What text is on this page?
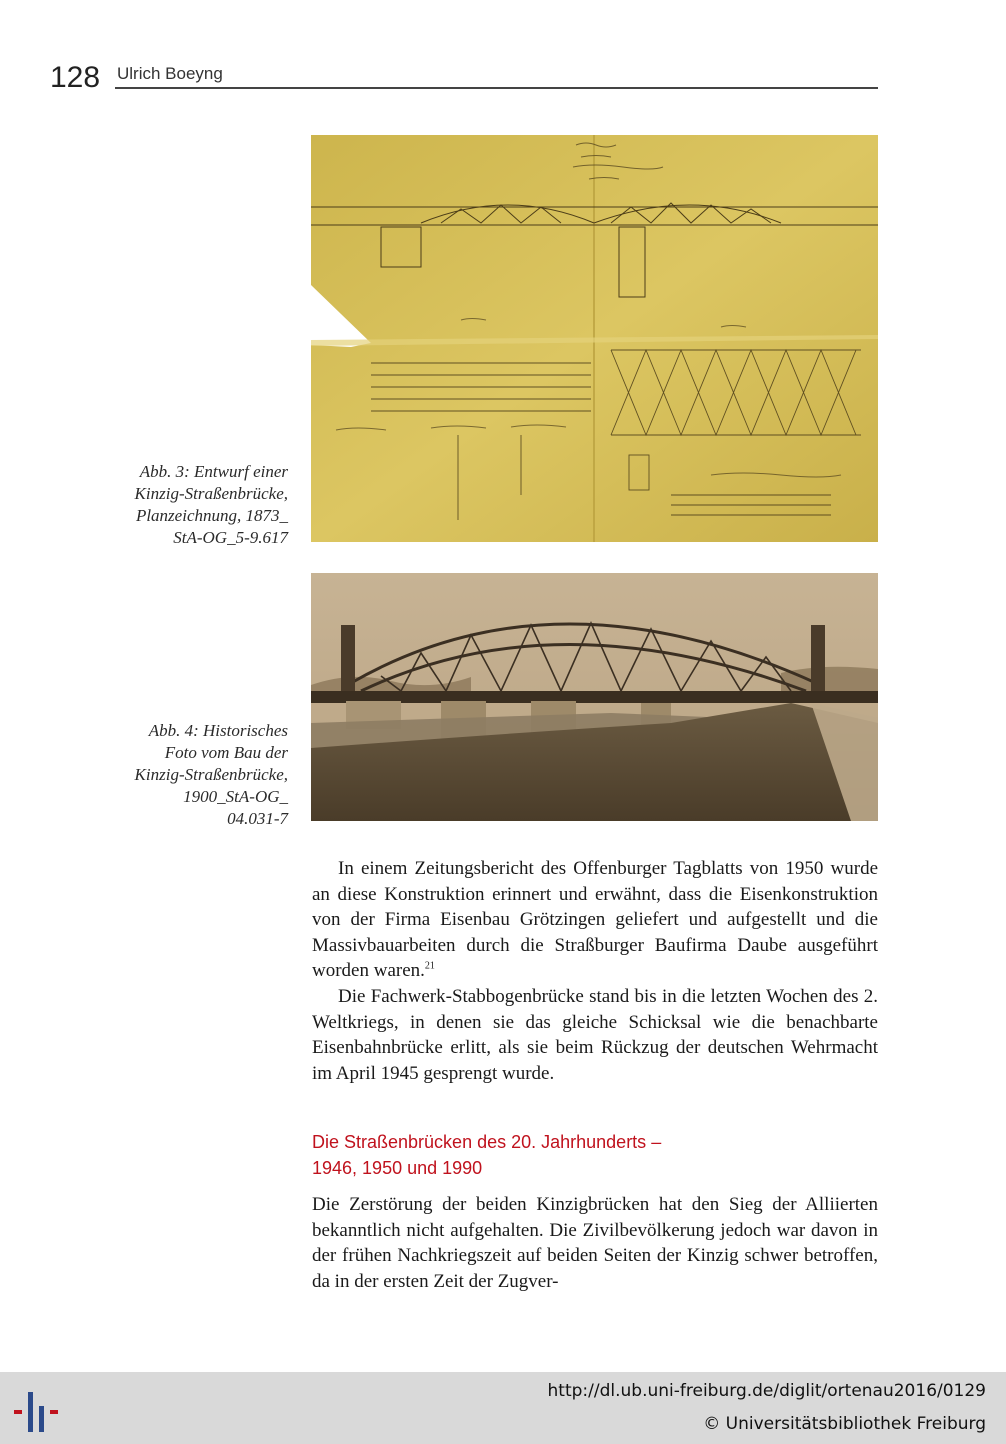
128 Ulrich Boeyng
Abb. 3: Entwurf einer
Kinzig-Straßenbrücke,
Planzeichnung, 1873_
StA-OG_5-9.617
Abb. 4: Historisches
Foto vom Bau der
Kinzig-Straßenbrücke,
1900_StA-OG_
04.031-7

In einem Zeitungsbericht des Offenburger Tagblatts von 1950 wurde an diese Konstruktion erinnert und erwähnt, dass die Eisenkonstruktion von der Firma Eisenbau Grötzingen geliefert und aufgestellt und die Massivbauarbeiten durch die Straßburger Baufirma Daube ausgeführt worden waren.$^{21}$

Die Fachwerk-Stabbogenbrücke stand bis in die letzten Wochen des 2. Weltkriegs, in denen sie das gleiche Schicksal wie die benachbarte Eisenbahnbrücke erlitt, als sie beim Rückzug der deutschen Wehrmacht im April 1945 gesprengt wurde.

Die Straßenbrücken des 20. Jahrhunderts –
1946, 1950 und 1990

Die Zerstörung der beiden Kinzigbrücken hat den Sieg der Alliierten bekanntlich nicht aufgehalten. Die Zivilbevölkerung jedoch war davon in der frühen Nachkriegszeit auf beiden Seiten der Kinzig schwer betroffen, da in der ersten Zeit der Zugver-

http://dl.ub.uni-freiburg.de/diglit/ortenau2016/0129
© Universitätsbibliothek Freiburg
